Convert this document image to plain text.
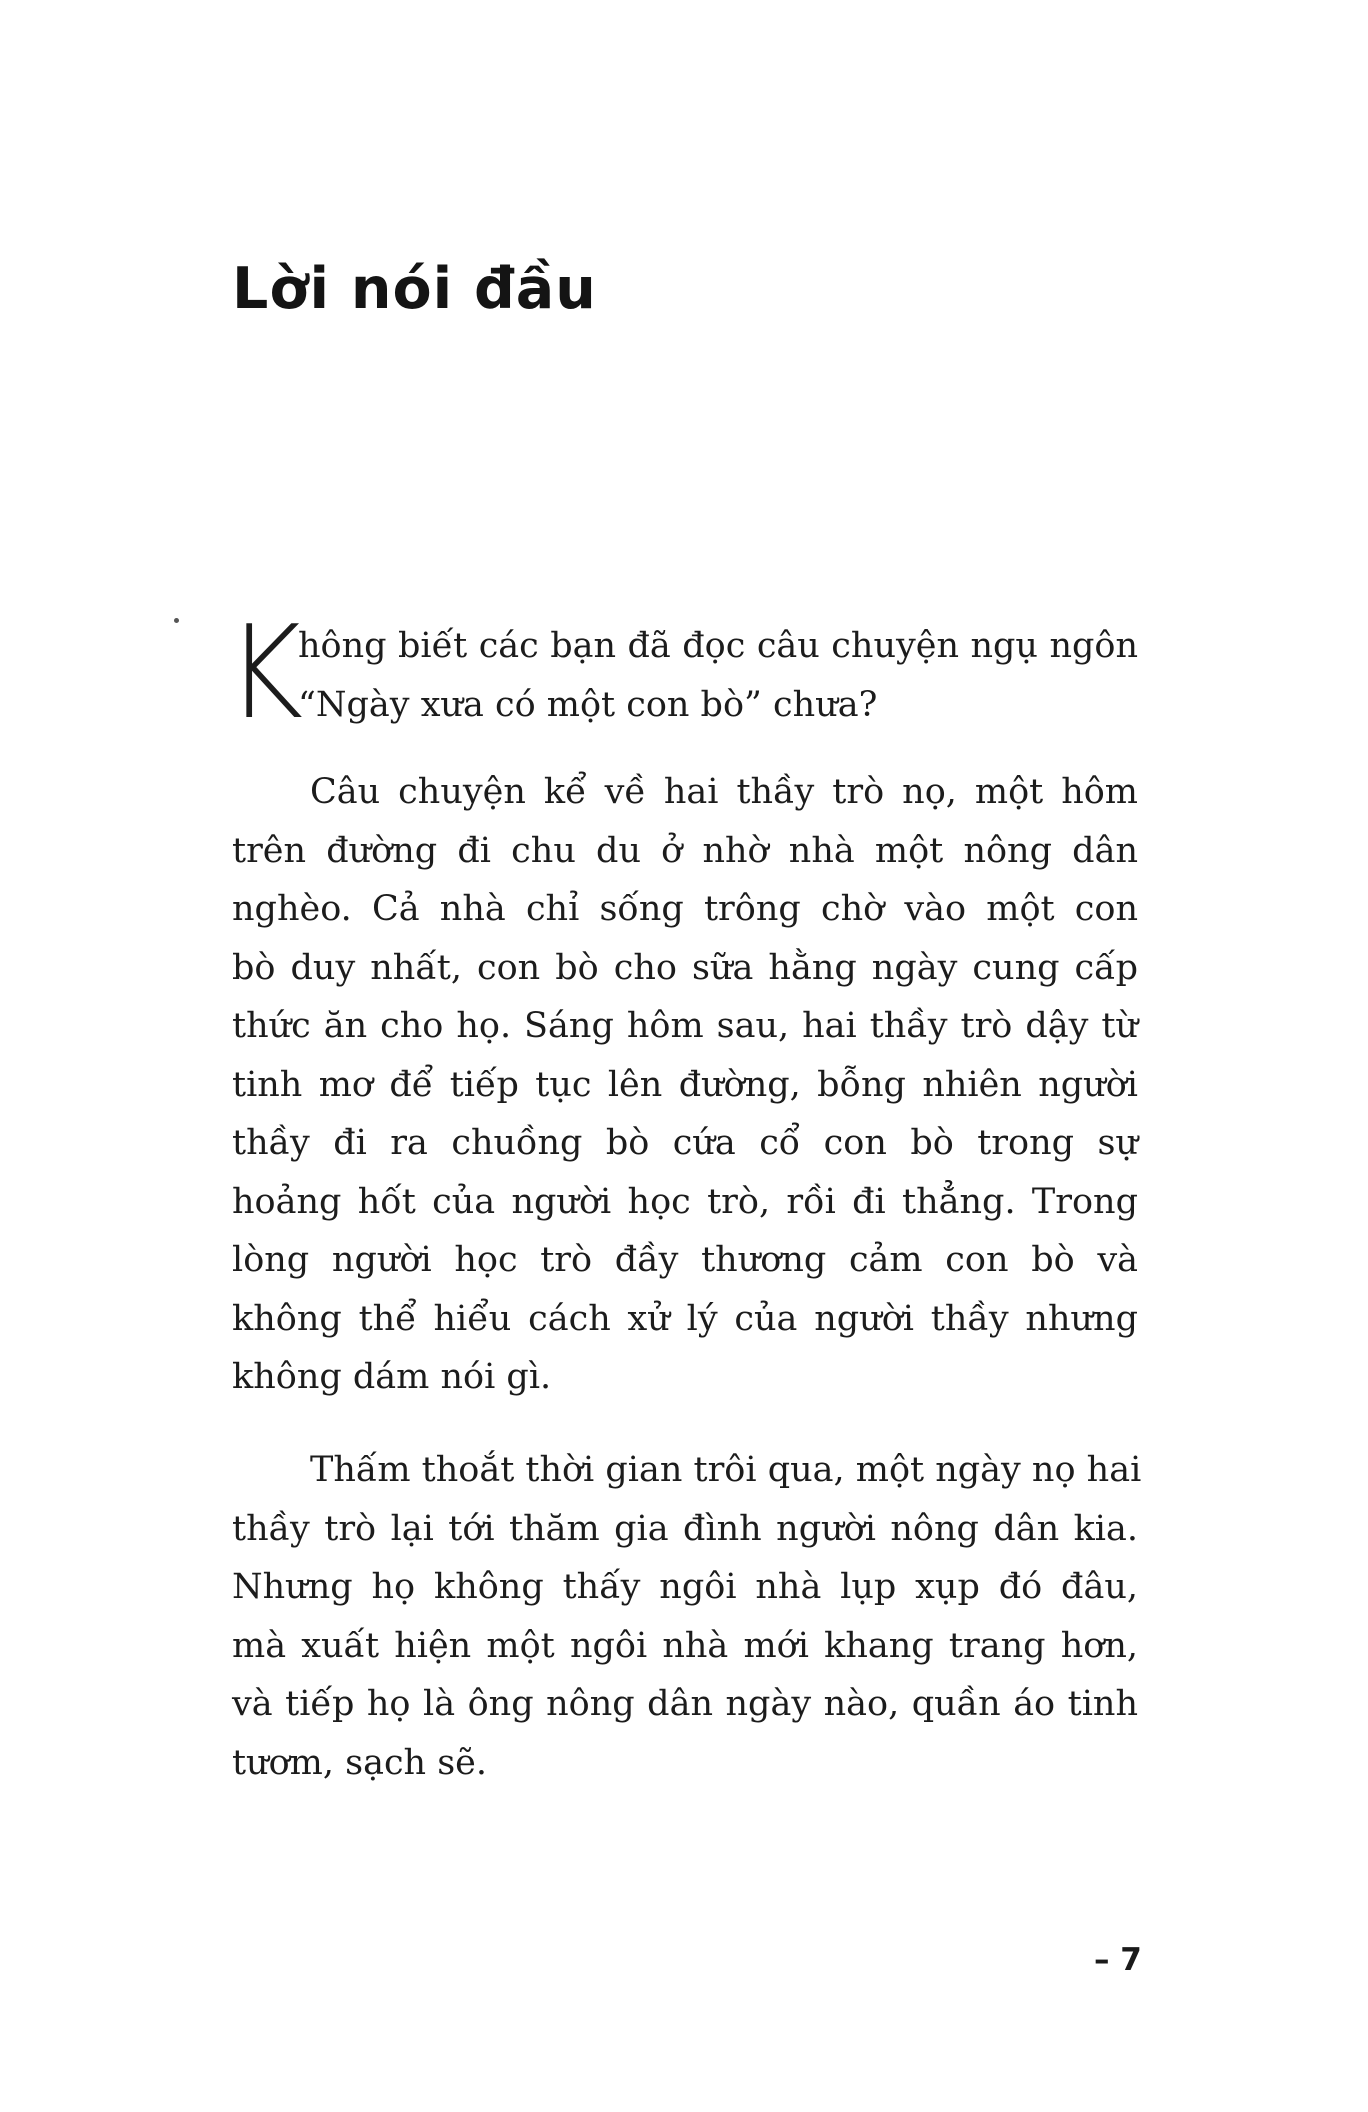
Lời nói đầu
K
hông biết các bạn đã đọc câu chuyện ngụ ngôn
“Ngày xưa có một con bò” chưa?
Câu chuyện kể về hai thầy trò nọ, một hôm
trên đường đi chu du ở nhờ nhà một nông dân
nghèo. Cả nhà chỉ sống trông chờ vào một con
bò duy nhất, con bò cho sữa hằng ngày cung cấp
thức ăn cho họ. Sáng hôm sau, hai thầy trò dậy từ
tinh mơ để tiếp tục lên đường, bỗng nhiên người
thầy đi ra chuồng bò cứa cổ con bò trong sự
hoảng hốt của người học trò, rồi đi thẳng. Trong
lòng người học trò đầy thương cảm con bò và
không thể hiểu cách xử lý của người thầy nhưng
không dám nói gì.
Thấm thoắt thời gian trôi qua, một ngày nọ hai
thầy trò lại tới thăm gia đình người nông dân kia.
Nhưng họ không thấy ngôi nhà lụp xụp đó đâu,
mà xuất hiện một ngôi nhà mới khang trang hơn,
và tiếp họ là ông nông dân ngày nào, quần áo tinh
tươm, sạch sẽ.
– 7
